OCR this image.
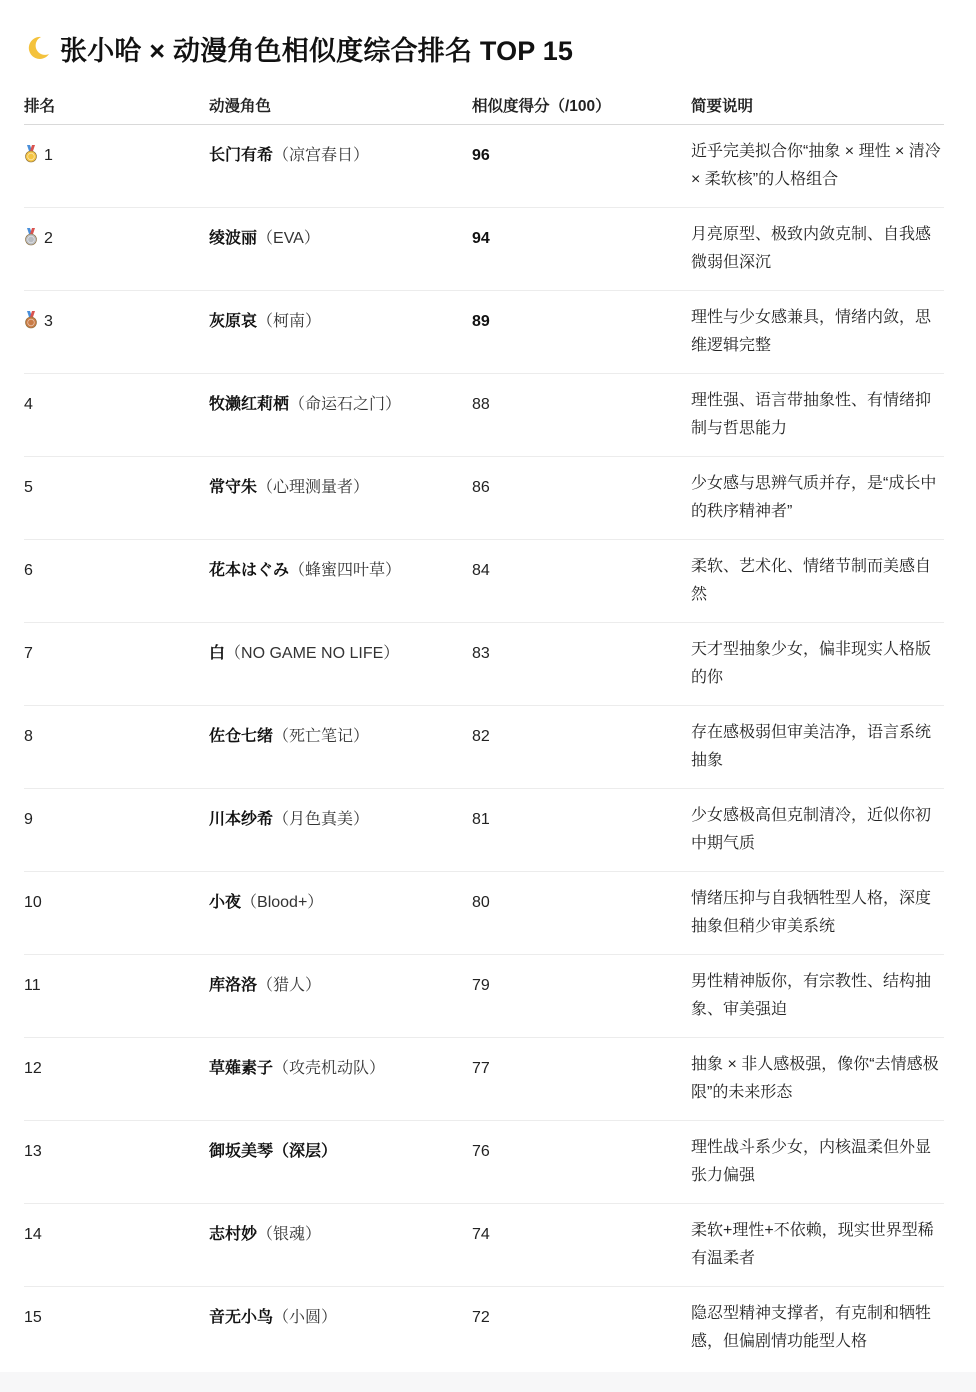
张小哈 × 动漫角色相似度综合排名 TOP 15
排名	动漫角色	相似度得分（/100）	简要说明

1	长门有希（凉宫春日）	96	近乎完美拟合你“抽象 × 理性 × 清冷 × 柔软核”的人格组合

2	绫波丽（EVA）	94	月亮原型、极致内敛克制、自我感微弱但深沉

3	灰原哀（柯南）	89	理性与少女感兼具，情绪内敛，思维逻辑完整

4	牧濑红莉栖（命运石之门）	88	理性强、语言带抽象性、有情绪抑制与哲思能力

5	常守朱（心理测量者）	86	少女感与思辨气质并存，是“成长中的秩序精神者”

6	花本はぐみ（蜂蜜四叶草）	84	柔软、艺术化、情绪节制而美感自然

7	白（NO GAME NO LIFE）	83	天才型抽象少女，偏非现实人格版的你

8	佐仓七绪（死亡笔记）	82	存在感极弱但审美洁净，语言系统抽象

9	川本纱希（月色真美）	81	少女感极高但克制清冷，近似你初中期气质

10	小夜（Blood+）	80	情绪压抑与自我牺牲型人格，深度抽象但稍少审美系统

11	库洛洛（猎人）	79	男性精神版你，有宗教性、结构抽象、审美强迫

12	草薙素子（攻壳机动队）	77	抽象 × 非人感极强，像你“去情感极限”的未来形态

13	御坂美琴（深层）	76	理性战斗系少女，内核温柔但外显张力偏强

14	志村妙（银魂）	74	柔软+理性+不依赖，现实世界型稀有温柔者

15	音无小鸟（小圆）	72	隐忍型精神支撑者，有克制和牺牲感，但偏剧情功能型人格
